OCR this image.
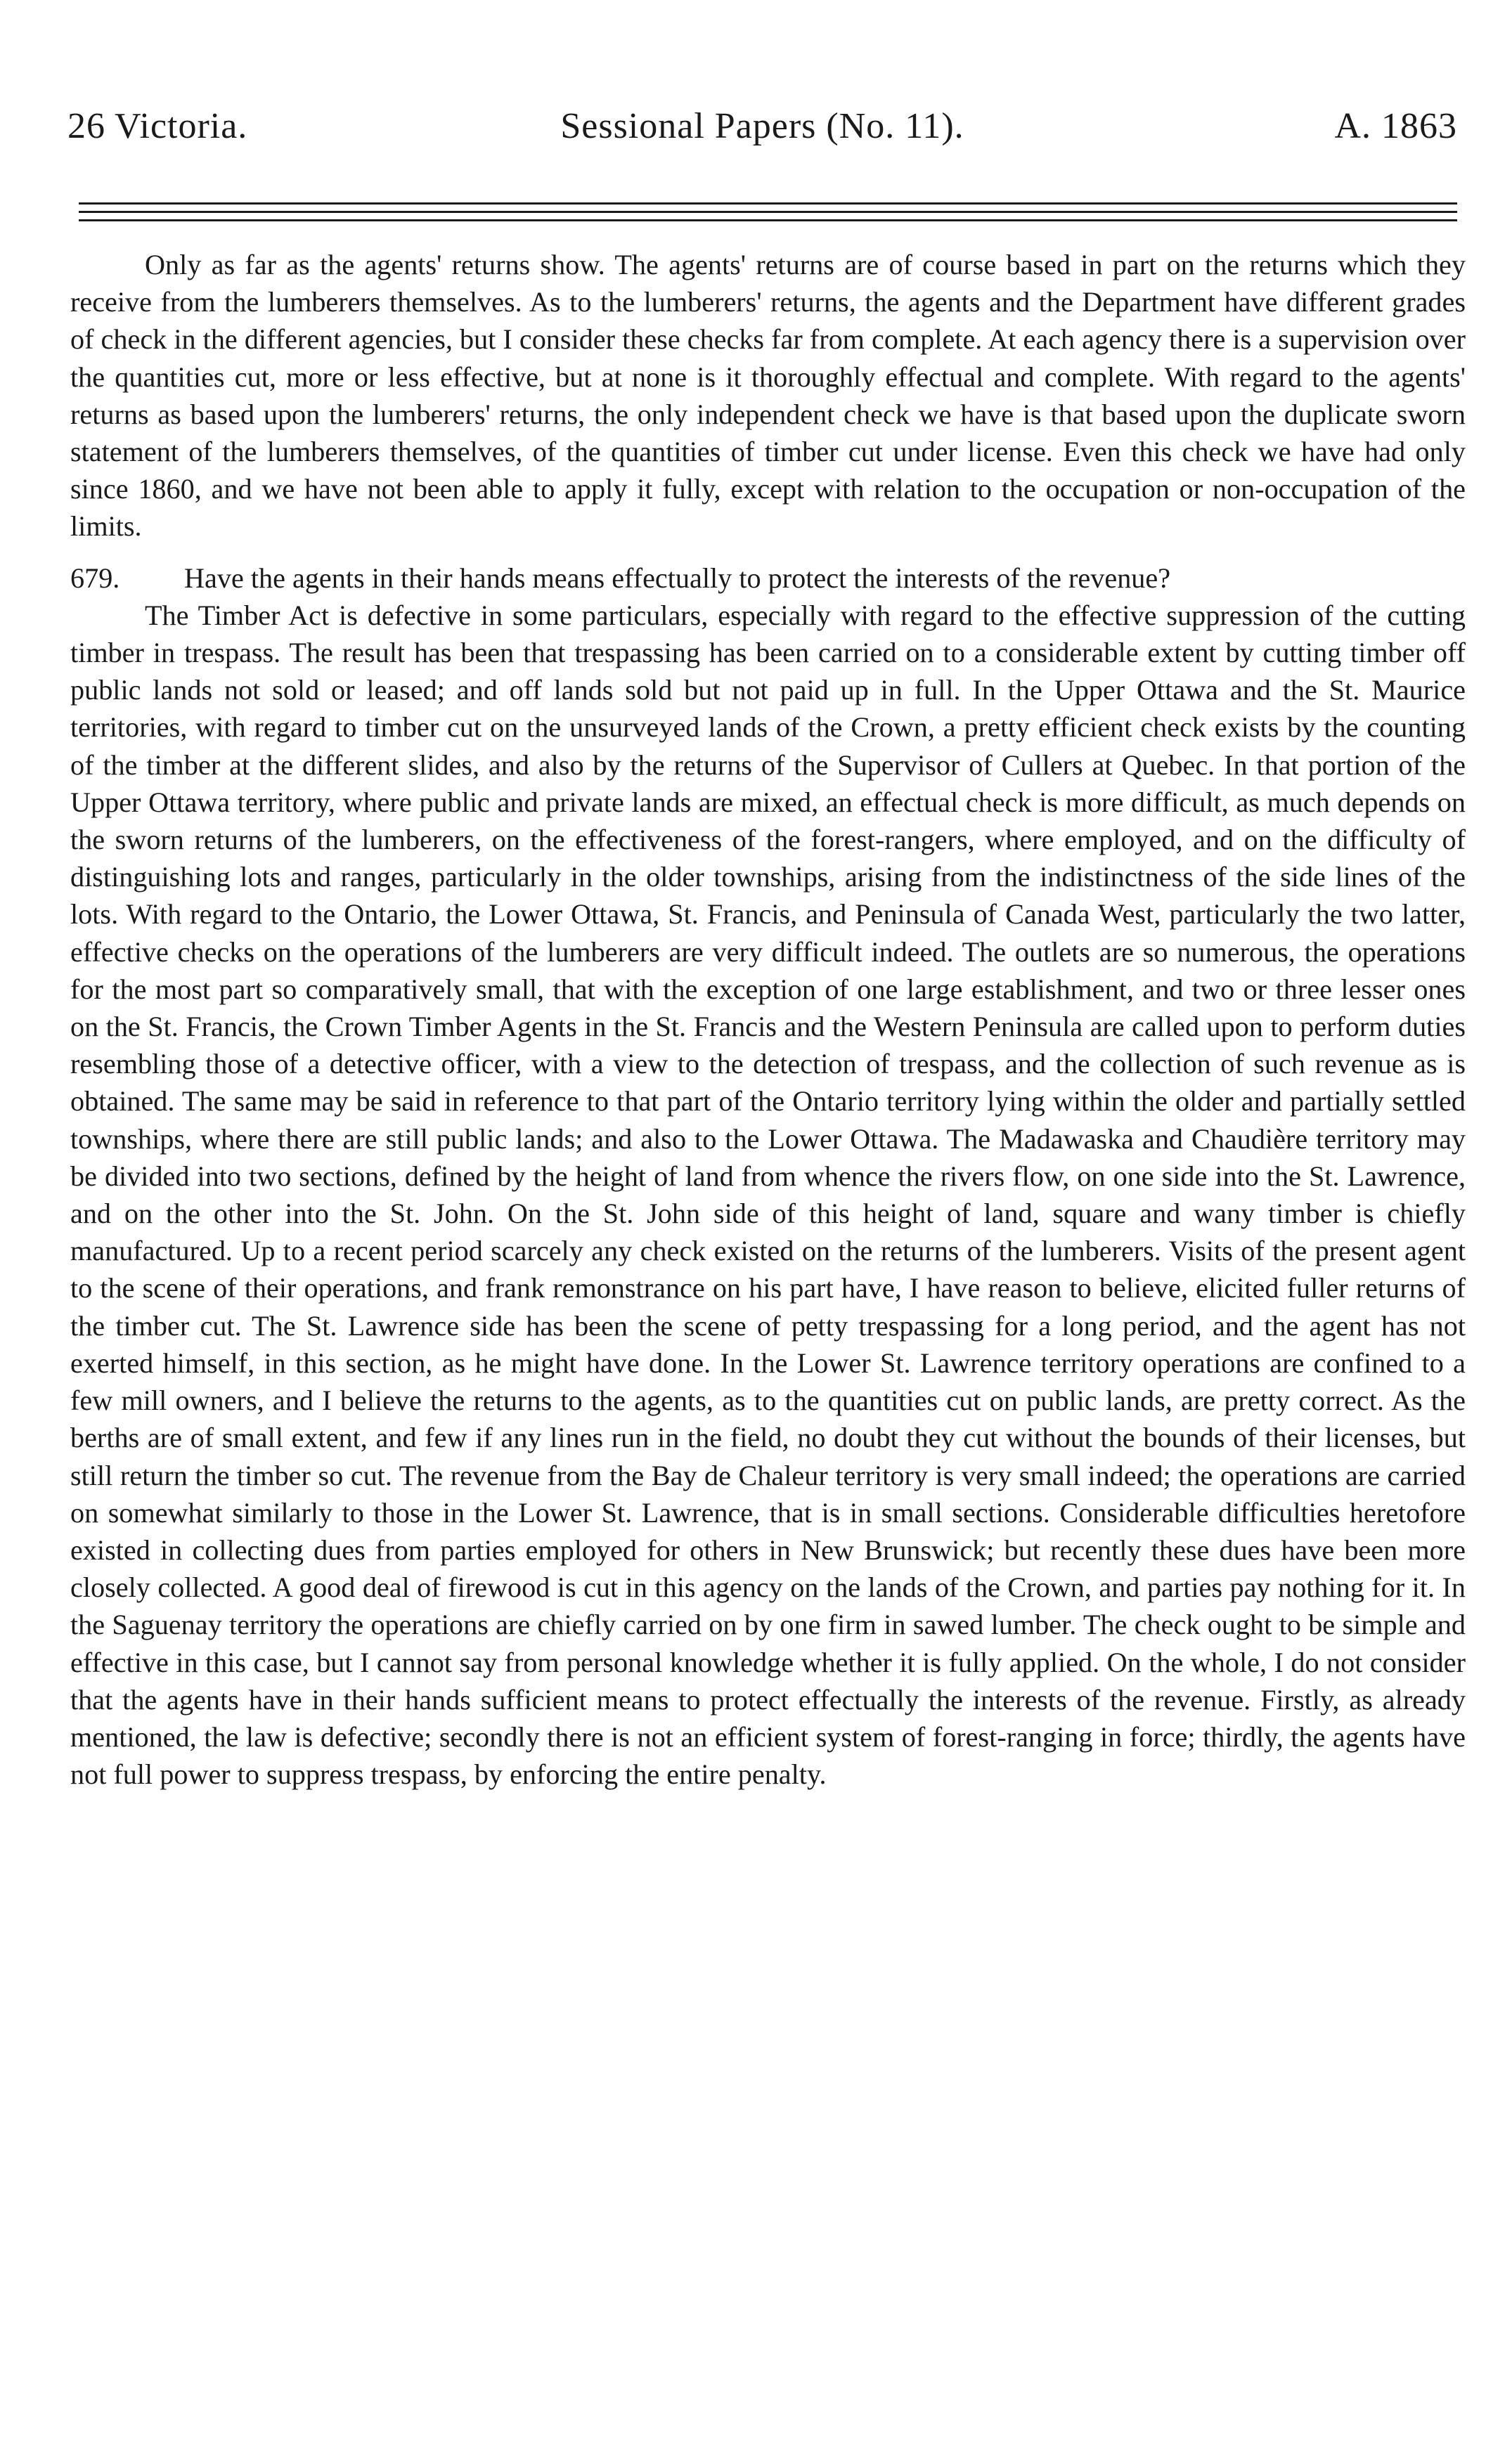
26 Victoria.	Sessional Papers (No. 11).	A. 1863

Only as far as the agents' returns show. The agents' returns are of course based in part on the returns which they receive from the lumberers themselves. As to the lumberers' returns, the agents and the Department have different grades of check in the different agencies, but I consider these checks far from complete. At each agency there is a supervision over the quantities cut, more or less effective, but at none is it thoroughly effectual and complete. With regard to the agents' returns as based upon the lumberers' returns, the only independent check we have is that based upon the duplicate sworn statement of the lumberers themselves, of the quantities of timber cut under license. Even this check we have had only since 1860, and we have not been able to apply it fully, except with relation to the occupation or non-occupation of the limits.

679. Have the agents in their hands means effectually to protect the interests of the revenue?

The Timber Act is defective in some particulars, especially with regard to the effective suppression of the cutting timber in trespass. The result has been that trespassing has been carried on to a considerable extent by cutting timber off public lands not sold or leased; and off lands sold but not paid up in full. In the Upper Ottawa and the St. Maurice territories, with regard to timber cut on the unsurveyed lands of the Crown, a pretty efficient check exists by the counting of the timber at the different slides, and also by the returns of the Supervisor of Cullers at Quebec. In that portion of the Upper Ottawa territory, where public and private lands are mixed, an effectual check is more difficult, as much depends on the sworn returns of the lumberers, on the effectiveness of the forest-rangers, where employed, and on the difficulty of distinguishing lots and ranges, particularly in the older townships, arising from the indistinctness of the side lines of the lots. With regard to the Ontario, the Lower Ottawa, St. Francis, and Peninsula of Canada West, particularly the two latter, effective checks on the operations of the lumberers are very difficult indeed. The outlets are so numerous, the operations for the most part so comparatively small, that with the exception of one large establishment, and two or three lesser ones on the St. Francis, the Crown Timber Agents in the St. Francis and the Western Peninsula are called upon to perform duties resembling those of a detective officer, with a view to the detection of trespass, and the collection of such revenue as is obtained. The same may be said in reference to that part of the Ontario territory lying within the older and partially settled townships, where there are still public lands; and also to the Lower Ottawa. The Madawaska and Chaudière territory may be divided into two sections, defined by the height of land from whence the rivers flow, on one side into the St. Lawrence, and on the other into the St. John. On the St. John side of this height of land, square and wany timber is chiefly manufactured. Up to a recent period scarcely any check existed on the returns of the lumberers. Visits of the present agent to the scene of their operations, and frank remonstrance on his part have, I have reason to believe, elicited fuller returns of the timber cut. The St. Lawrence side has been the scene of petty trespassing for a long period, and the agent has not exerted himself, in this section, as he might have done. In the Lower St. Lawrence territory operations are confined to a few mill owners, and I believe the returns to the agents, as to the quantities cut on public lands, are pretty correct. As the berths are of small extent, and few if any lines run in the field, no doubt they cut without the bounds of their licenses, but still return the timber so cut. The revenue from the Bay de Chaleur territory is very small indeed; the operations are carried on somewhat similarly to those in the Lower St. Lawrence, that is in small sections. Considerable difficulties heretofore existed in collecting dues from parties employed for others in New Brunswick; but recently these dues have been more closely collected. A good deal of firewood is cut in this agency on the lands of the Crown, and parties pay nothing for it. In the Saguenay territory the operations are chiefly carried on by one firm in sawed lumber. The check ought to be simple and effective in this case, but I cannot say from personal knowledge whether it is fully applied. On the whole, I do not consider that the agents have in their hands sufficient means to protect effectually the interests of the revenue. Firstly, as already mentioned, the law is defective; secondly there is not an efficient system of forest-ranging in force; thirdly, the agents have not full power to suppress trespass, by enforcing the entire penalty.
